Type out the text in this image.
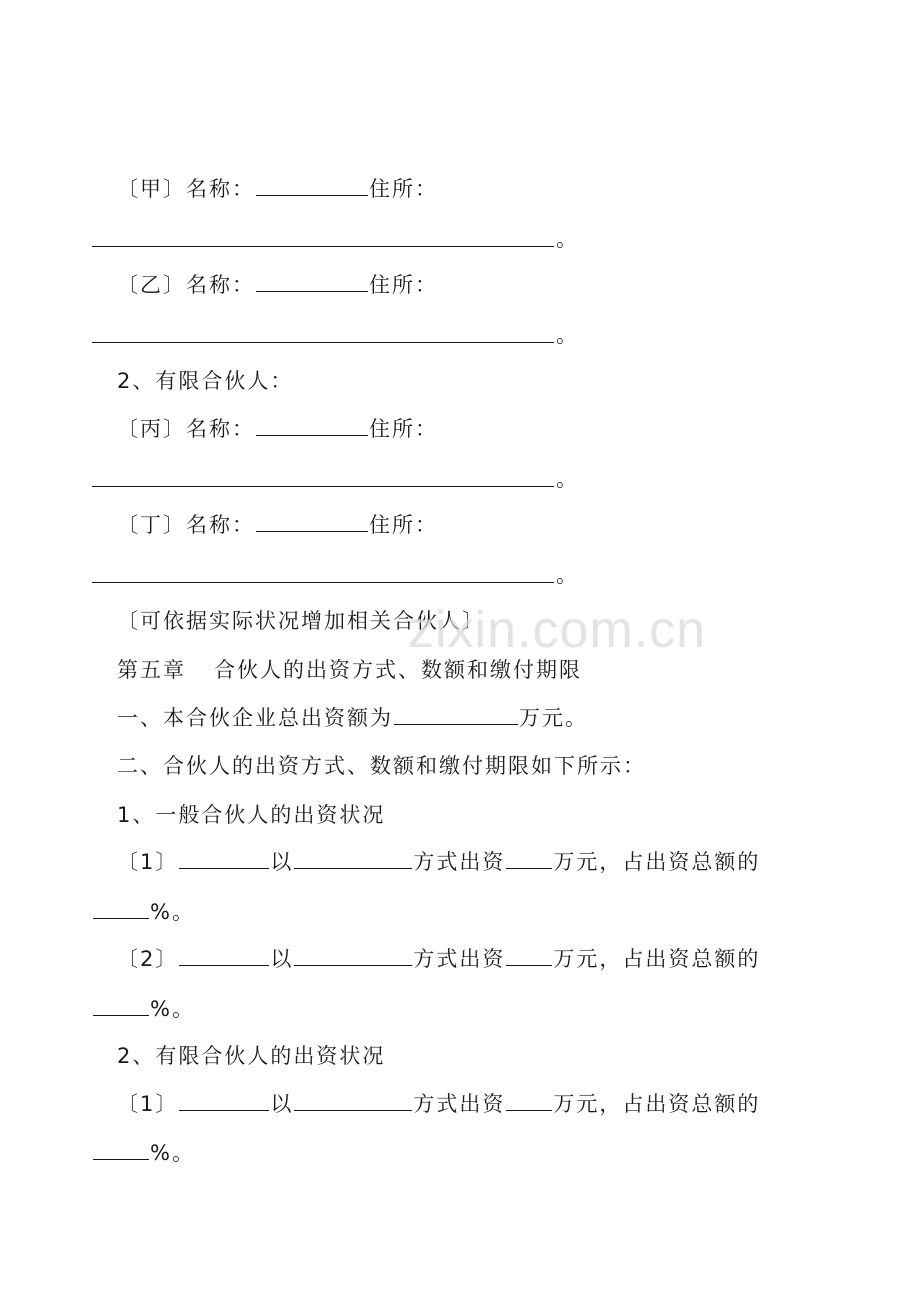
〔甲〕名称：	住所：
。
〔乙〕名称：	住所：
。
2、有限合伙人：
〔丙〕名称：	住所：
。
〔丁〕名称：	住所：
。
〔可依据实际状况增加相关合伙人〕
zixin.com.cn
第五章 合伙人的出资方式、数额和缴付期限
一、本合伙企业总出资额为	万元。
二、合伙人的出资方式、数额和缴付期限如下所示：
1、一般合伙人的出资状况
〔1〕	以	方式出资 万元，占出资总额的
%。
〔2〕	以	方式出资 万元，占出资总额的
%。
2、有限合伙人的出资状况
〔1〕	以	方式出资 万元，占出资总额的
%。
